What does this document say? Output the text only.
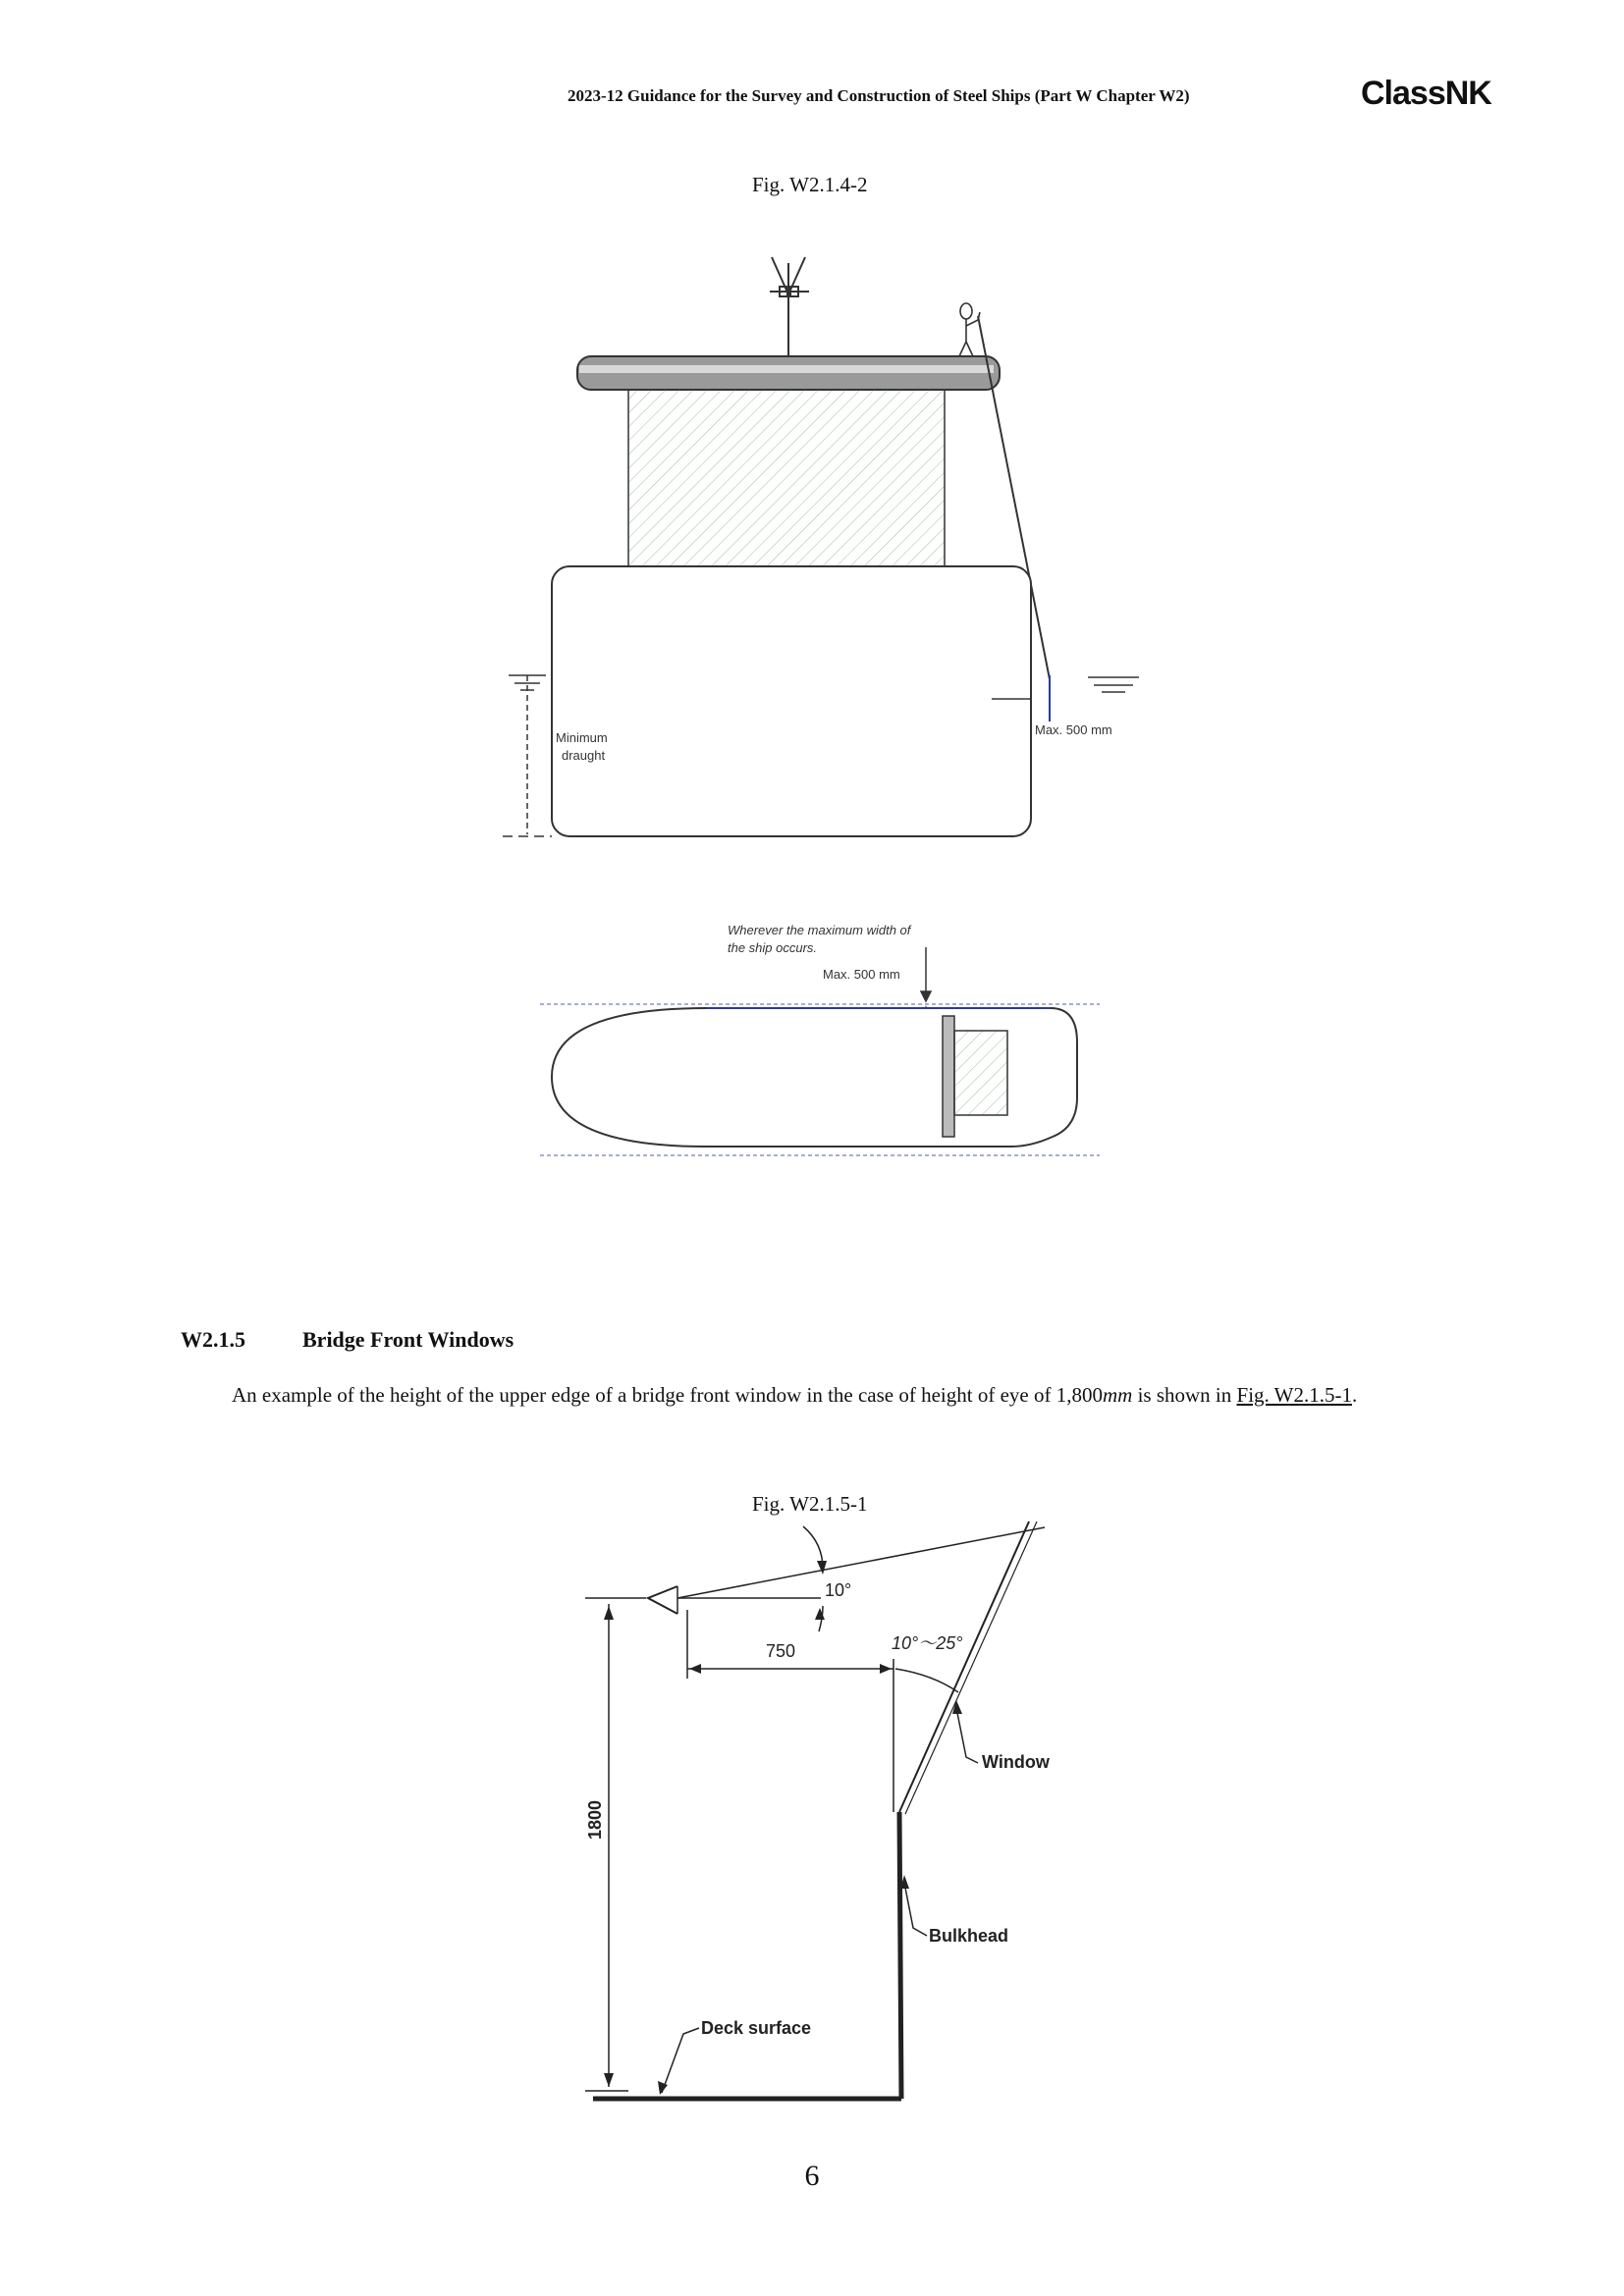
2023-12 Guidance for the Survey and Construction of Steel Ships (Part W Chapter W2)	ClassNK
Fig. W2.1.4-2
Minimum
draught
Max. 500 mm
Wherever the maximum width of
the ship occurs.
Max. 500 mm
W2.1.5	Bridge Front Windows
An example of the height of the upper edge of a bridge front window in the case of height of eye of 1,800mm is shown in Fig. W2.1.5-1.
Fig. W2.1.5-1
10°
750	10°～25°
Window
Bulkhead
Deck surface
1800
6
